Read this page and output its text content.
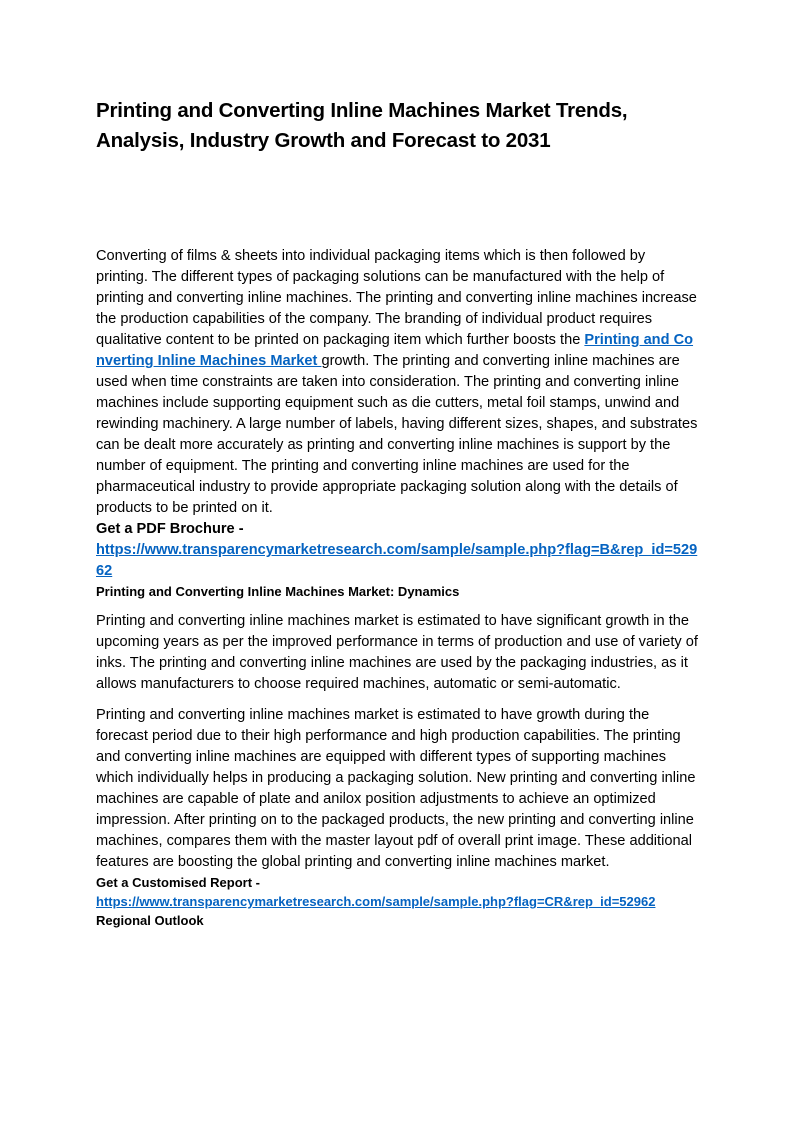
Printing and Converting Inline Machines Market Trends, Analysis, Industry Growth and Forecast to 2031

Converting of films & sheets into individual packaging items which is then followed by printing. The different types of packaging solutions can be manufactured with the help of printing and converting inline machines. The printing and converting inline machines increase the production capabilities of the company. The branding of individual product requires qualitative content to be printed on packaging item which further boosts the Printing and Converting Inline Machines Market growth. The printing and converting inline machines are used when time constraints are taken into consideration. The printing and converting inline machines include supporting equipment such as die cutters, metal foil stamps, unwind and rewinding machinery. A large number of labels, having different sizes, shapes, and substrates can be dealt more accurately as printing and converting inline machines is support by the number of equipment. The printing and converting inline machines are used for the pharmaceutical industry to provide appropriate packaging solution along with the details of products to be printed on it.

Get a PDF Brochure -

https://www.transparencymarketresearch.com/sample/sample.php?flag=B&rep_id=52962

Printing and Converting Inline Machines Market: Dynamics

Printing and converting inline machines market is estimated to have significant growth in the upcoming years as per the improved performance in terms of production and use of variety of inks. The printing and converting inline machines are used by the packaging industries, as it allows manufacturers to choose required machines, automatic or semi-automatic.

Printing and converting inline machines market is estimated to have growth during the forecast period due to their high performance and high production capabilities. The printing and converting inline machines are equipped with different types of supporting machines which individually helps in producing a packaging solution. New printing and converting inline machines are capable of plate and anilox position adjustments to achieve an optimized impression. After printing on to the packaged products, the new printing and converting inline machines, compares them with the master layout pdf of overall print image. These additional features are boosting the global printing and converting inline machines market.

Get a Customised Report -

https://www.transparencymarketresearch.com/sample/sample.php?flag=CR&rep_id=52962

Regional Outlook
